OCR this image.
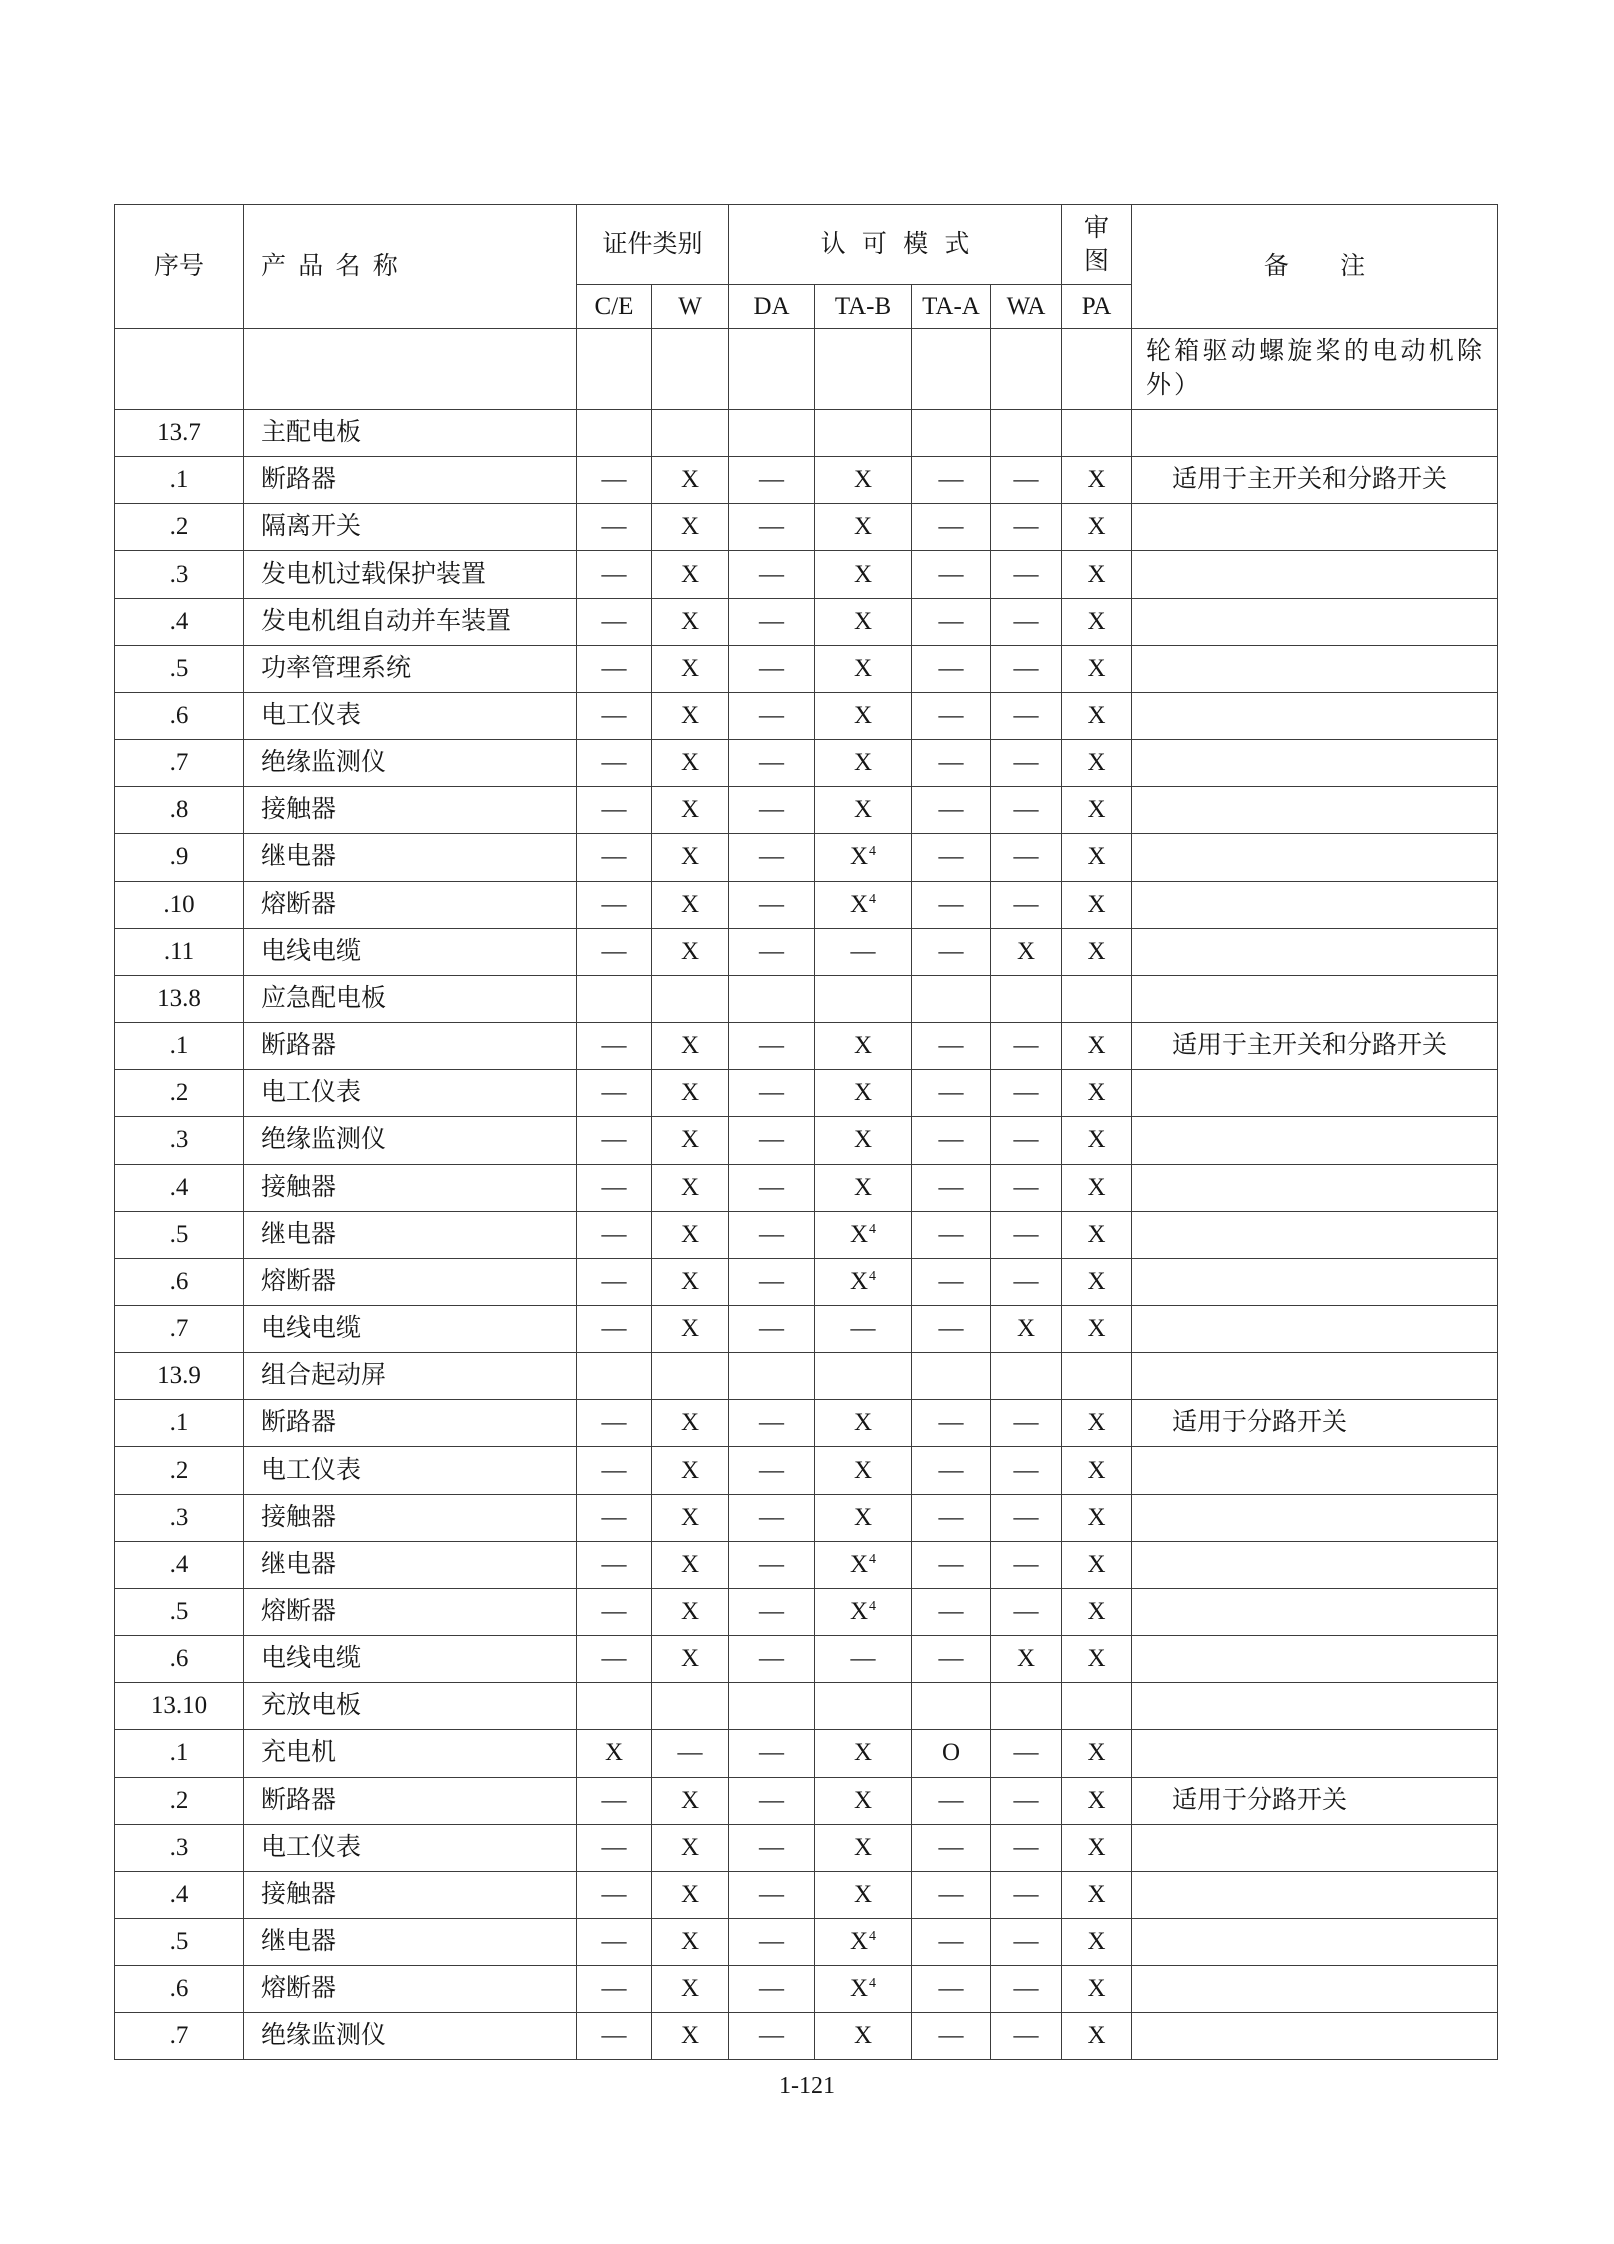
序号	产 品 名 称	证件类别		认 可 模 式				审图	备 注
		C/E	W	DA	TA-B	TA-A	WA	PA	
									轮箱驱动螺旋桨的电动机除外）
13.7	主配电板								
.1	断路器	—	X	—	X	—	—	X	适用于主开关和分路开关
.2	隔离开关	—	X	—	X	—	—	X	
.3	发电机过载保护装置	—	X	—	X	—	—	X	
.4	发电机组自动并车装置	—	X	—	X	—	—	X	
.5	功率管理系统	—	X	—	X	—	—	X	
.6	电工仪表	—	X	—	X	—	—	X	
.7	绝缘监测仪	—	X	—	X	—	—	X	
.8	接触器	—	X	—	X	—	—	X	
.9	继电器	—	X	—	$X^4$	—	—	X	
.10	熔断器	—	X	—	$X^4$	—	—	X	
.11	电线电缆	—	X	—	—	—	X	X	
13.8	应急配电板								
.1	断路器	—	X	—	X	—	—	X	适用于主开关和分路开关
.2	电工仪表	—	X	—	X	—	—	X	
.3	绝缘监测仪	—	X	—	X	—	—	X	
.4	接触器	—	X	—	X	—	—	X	
.5	继电器	—	X	—	$X^4$	—	—	X	
.6	熔断器	—	X	—	$X^4$	—	—	X	
.7	电线电缆	—	X	—	—	—	X	X	
13.9	组合起动屏								
.1	断路器	—	X	—	X	—	—	X	适用于分路开关
.2	电工仪表	—	X	—	X	—	—	X	
.3	接触器	—	X	—	X	—	—	X	
.4	继电器	—	X	—	$X^4$	—	—	X	
.5	熔断器	—	X	—	$X^4$	—	—	X	
.6	电线电缆	—	X	—	—	—	X	X	
13.10	充放电板								
.1	充电机	X	—	—	X	O	—	X	
.2	断路器	—	X	—	X	—	—	X	适用于分路开关
.3	电工仪表	—	X	—	X	—	—	X	
.4	接触器	—	X	—	X	—	—	X	
.5	继电器	—	X	—	$X^4$	—	—	X	
.6	熔断器	—	X	—	$X^4$	—	—	X	
.7	绝缘监测仪	—	X	—	X	—	—	X	
1-121
